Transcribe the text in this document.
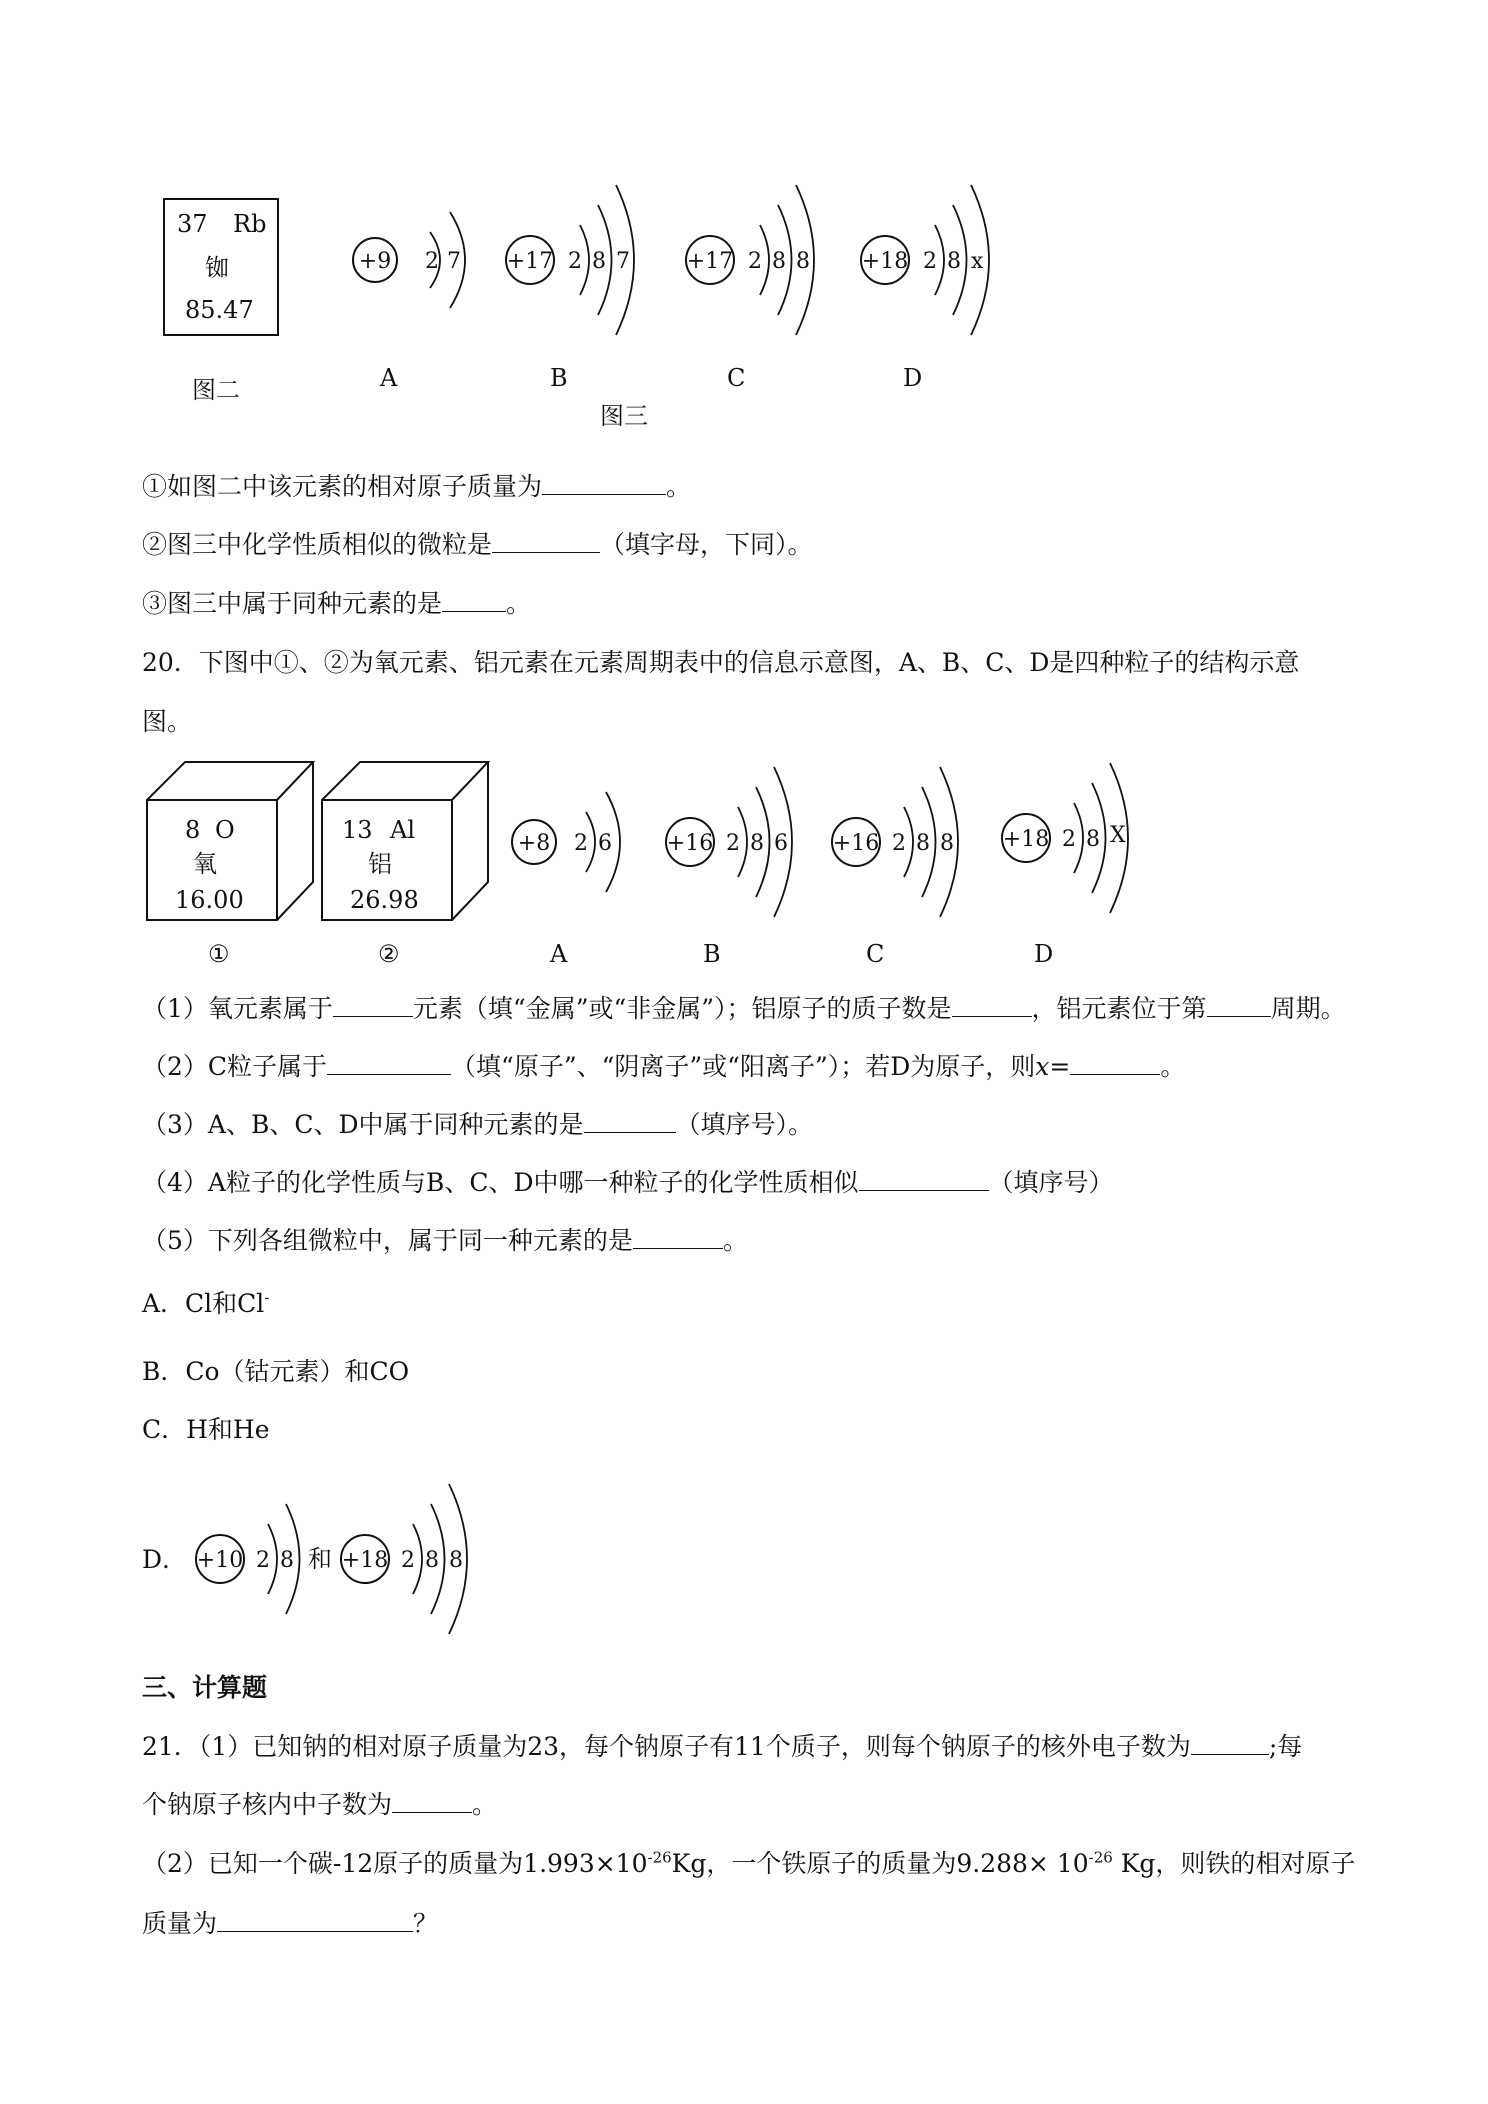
37 Rb
铷
85.47
图二
+9 2 7 +17 2 8 7	+17 2 8 8 +18 2 8 x
A	B	C	D
图三
①如图二中该元素的相对原子质量为	。
②图三中化学性质相似的微粒是	（填字母，下同）。
③图三中属于同种元素的是	。
20．下图中①、②为氧元素、铝元素在元素周期表中的信息示意图，A、B、C、D是四种粒子的结构示意
图。
8 O
氧
16.00
13 Al
铝
26.98
①	②
+8 2 6 +16 2 8 6 +16 2 8 8 +18 2 8 X
A	B	C	D
（1）氧元素属于	元素（填“金属”或“非金属”）；铝原子的质子数是	，铝元素位于第	周期。
（2）C粒子属于	（填“原子”、“阴离子”或“阳离子”）；若D为原子，则x=	。
（3）A、B、C、D中属于同种元素的是	（填序号）。
（4）A粒子的化学性质与B、C、D中哪一种粒子的化学性质相似	（填序号）
（5）下列各组微粒中，属于同一种元素的是	。
A．Cl和Cl-
B．Co（钴元素）和CO
C．H和He
D． +10 2 8 和 +18 2 8 8
三、计算题
21．（1）已知钠的相对原子质量为23，每个钠原子有11个质子，则每个钠原子的核外电子数为	;每
个钠原子核内中子数为	。
（2）已知一个碳-12原子的质量为$1.993\times 10^{-26}Kg$，一个铁原子的质量为$9.288\times 10^{-26}$ Kg，则铁的相对原子
质量为	？
